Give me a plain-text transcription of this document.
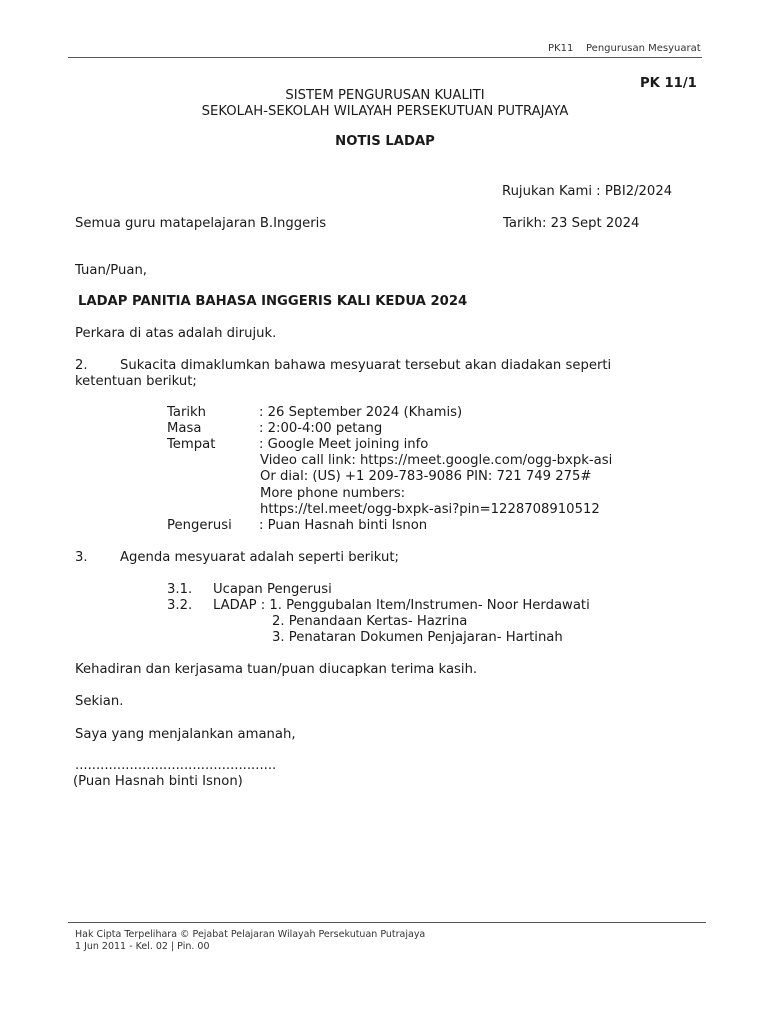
PK11 Pengurusan Mesyuarat
PK 11/1
SISTEM PENGURUSAN KUALITI
SEKOLAH-SEKOLAH WILAYAH PERSEKUTUAN PUTRAJAYA
NOTIS LADAP
Rujukan Kami : PBI2/2024
Semua guru matapelajaran B.Inggeris	Tarikh: 23 Sept 2024
Tuan/Puan,
LADAP PANITIA BAHASA INGGERIS KALI KEDUA 2024
Perkara di atas adalah dirujuk.
2. Sukacita dimaklumkan bahawa mesyuarat tersebut akan diadakan seperti
ketentuan berikut;
Tarikh	: 26 September 2024 (Khamis)
Masa	: 2:00-4:00 petang
Tempat	: Google Meet joining info
Video call link: https://meet.google.com/ogg-bxpk-asi
Or dial: (US) +1 209-783-9086 PIN: 721 749 275#
More phone numbers:
https://tel.meet/ogg-bxpk-asi?pin=1228708910512
Pengerusi : Puan Hasnah binti Isnon
3. Agenda mesyuarat adalah seperti berikut;
3.1. Ucapan Pengerusi
3.2. LADAP : 1. Penggubalan Item/Instrumen- Noor Herdawati
2. Penandaan Kertas- Hazrina
3. Penataran Dokumen Penjajaran- Hartinah
Kehadiran dan kerjasama tuan/puan diucapkan terima kasih.
Sekian.
Saya yang menjalankan amanah,
................................................
(Puan Hasnah binti Isnon)
Hak Cipta Terpelihara © Pejabat Pelajaran Wilayah Persekutuan Putrajaya
1 Jun 2011 - Kel. 02 | Pin. 00
